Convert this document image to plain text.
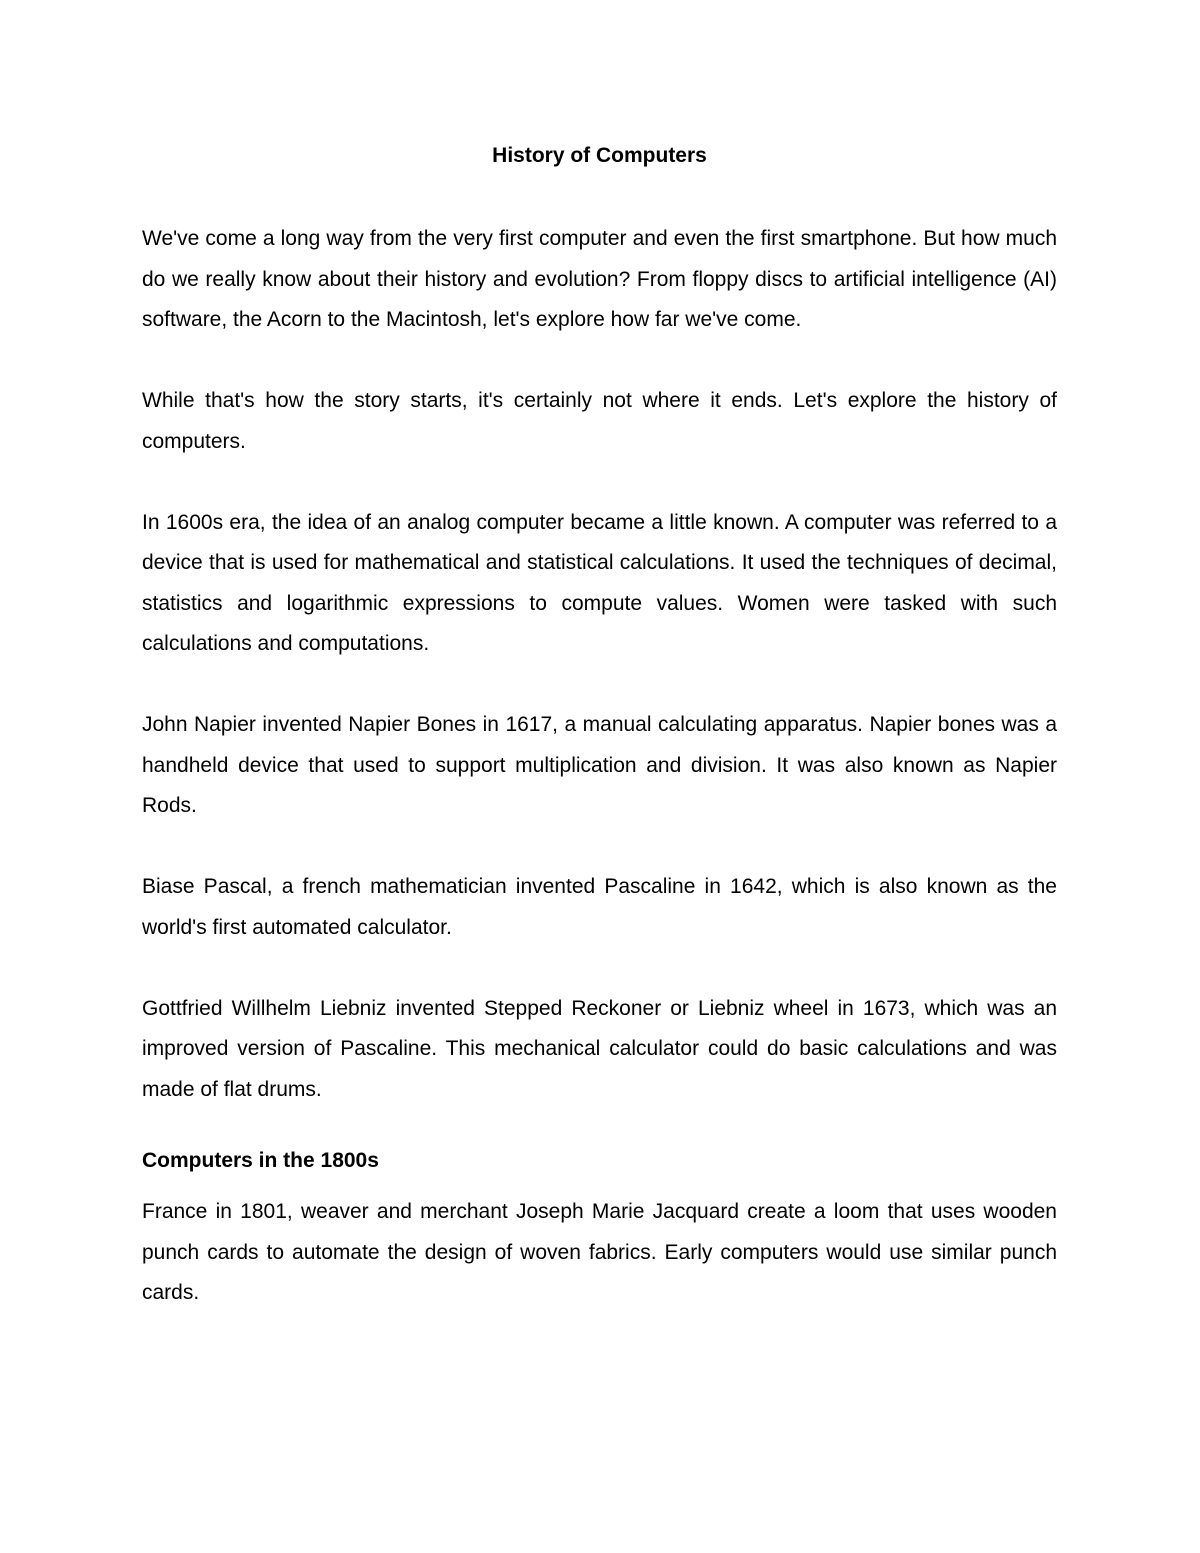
History of Computers

We've come a long way from the very first computer and even the first smartphone. But how much do we really know about their history and evolution? From floppy discs to artificial intelligence (AI) software, the Acorn to the Macintosh, let's explore how far we've come.

While that's how the story starts, it's certainly not where it ends. Let's explore the history of computers.

In 1600s era, the idea of an analog computer became a little known. A computer was referred to a device that is used for mathematical and statistical calculations. It used the techniques of decimal, statistics and logarithmic expressions to compute values. Women were tasked with such calculations and computations.

John Napier invented Napier Bones in 1617, a manual calculating apparatus. Napier bones was a handheld device that used to support multiplication and division. It was also known as Napier Rods.

Biase Pascal, a french mathematician invented Pascaline in 1642, which is also known as the world's first automated calculator.

Gottfried Willhelm Liebniz invented Stepped Reckoner or Liebniz wheel in 1673, which was an improved version of Pascaline. This mechanical calculator could do basic calculations and was made of flat drums.

Computers in the 1800s

France in 1801, weaver and merchant Joseph Marie Jacquard create a loom that uses wooden punch cards to automate the design of woven fabrics. Early computers would use similar punch cards.
